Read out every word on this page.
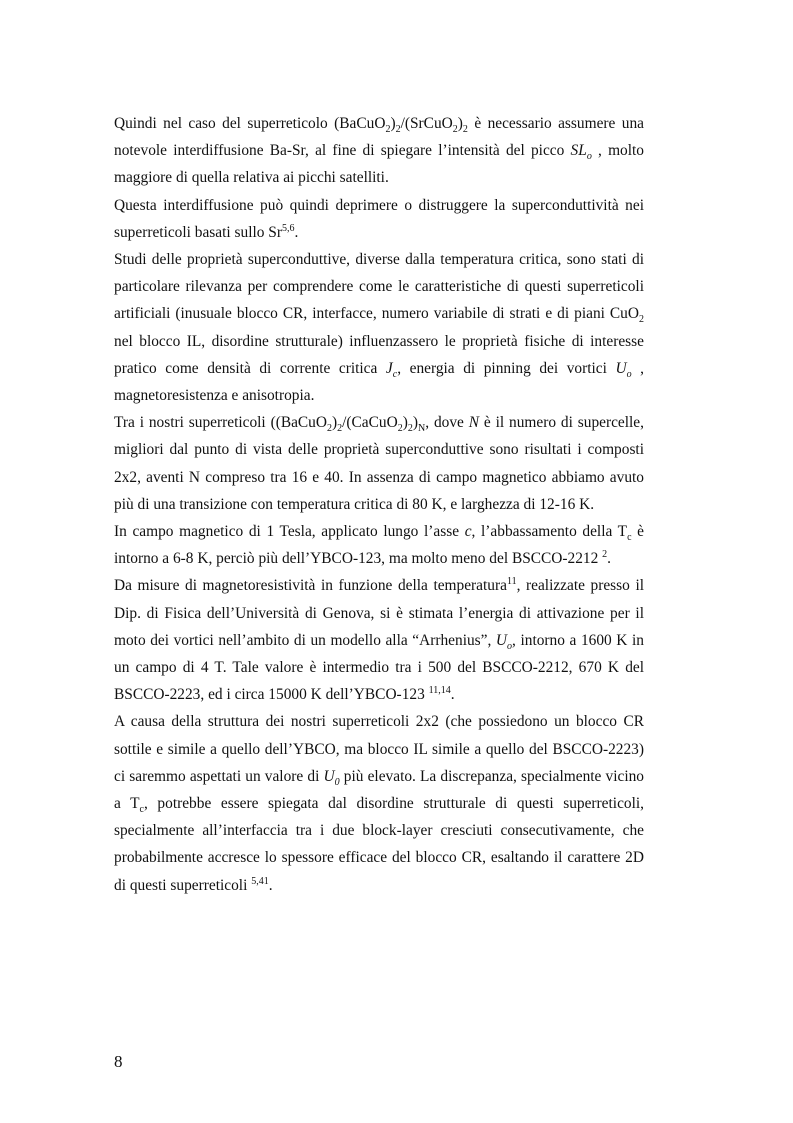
Quindi nel caso del superreticolo $(BaCuO_2)_2/(SrCuO_2)_2$ è necessario assumere una notevole interdiffusione Ba-Sr, al fine di spiegare l’intensità del picco $SL_o$ , molto maggiore di quella relativa ai picchi satelliti.

Questa interdiffusione può quindi deprimere o distruggere la superconduttività nei superreticoli basati sullo Sr$^{5,6}$.

Studi delle proprietà superconduttive, diverse dalla temperatura critica, sono stati di particolare rilevanza per comprendere come le caratteristiche di questi superreticoli artificiali (inusuale blocco CR, interfacce, numero variabile di strati e di piani CuO$_2$ nel blocco IL, disordine strutturale) influenzassero le proprietà fisiche di interesse pratico come densità di corrente critica $J_c$, energia di pinning dei vortici $U_o$ , magnetoresistenza e anisotropia.

Tra i nostri superreticoli $((BaCuO_2)_2/(CaCuO_2)_2)_N$, dove N è il numero di supercelle, migliori dal punto di vista delle proprietà superconduttive sono risultati i composti 2x2, aventi N compreso tra 16 e 40. In assenza di campo magnetico abbiamo avuto più di una transizione con temperatura critica di 80 K, e larghezza di 12-16 K.

In campo magnetico di 1 Tesla, applicato lungo l’asse c, l’abbassamento della $T_c$ è intorno a 6-8 K, perciò più dell’YBCO-123, ma molto meno del BSCCO-2212 $^2$.

Da misure di magnetoresistività in funzione della temperatura$^{11}$, realizzate presso il Dip. di Fisica dell’Università di Genova, si è stimata l’energia di attivazione per il moto dei vortici nell’ambito di un modello alla “Arrhenius”, $U_o$, intorno a 1600 K in un campo di 4 T. Tale valore è intermedio tra i 500 del BSCCO-2212, 670 K del BSCCO-2223, ed i circa 15000 K dell’YBCO-123 $^{11,14}$.

A causa della struttura dei nostri superreticoli 2x2 (che possiedono un blocco CR sottile e simile a quello dell’YBCO, ma blocco IL simile a quello del BSCCO-2223) ci saremmo aspettati un valore di $U_0$ più elevato. La discrepanza, specialmente vicino a $T_c$, potrebbe essere spiegata dal disordine strutturale di questi superreticoli, specialmente all’interfaccia tra i due block-layer cresciuti consecutivamente, che probabilmente accresce lo spessore efficace del blocco CR, esaltando il carattere 2D di questi superreticoli $^{5,41}$.

8
